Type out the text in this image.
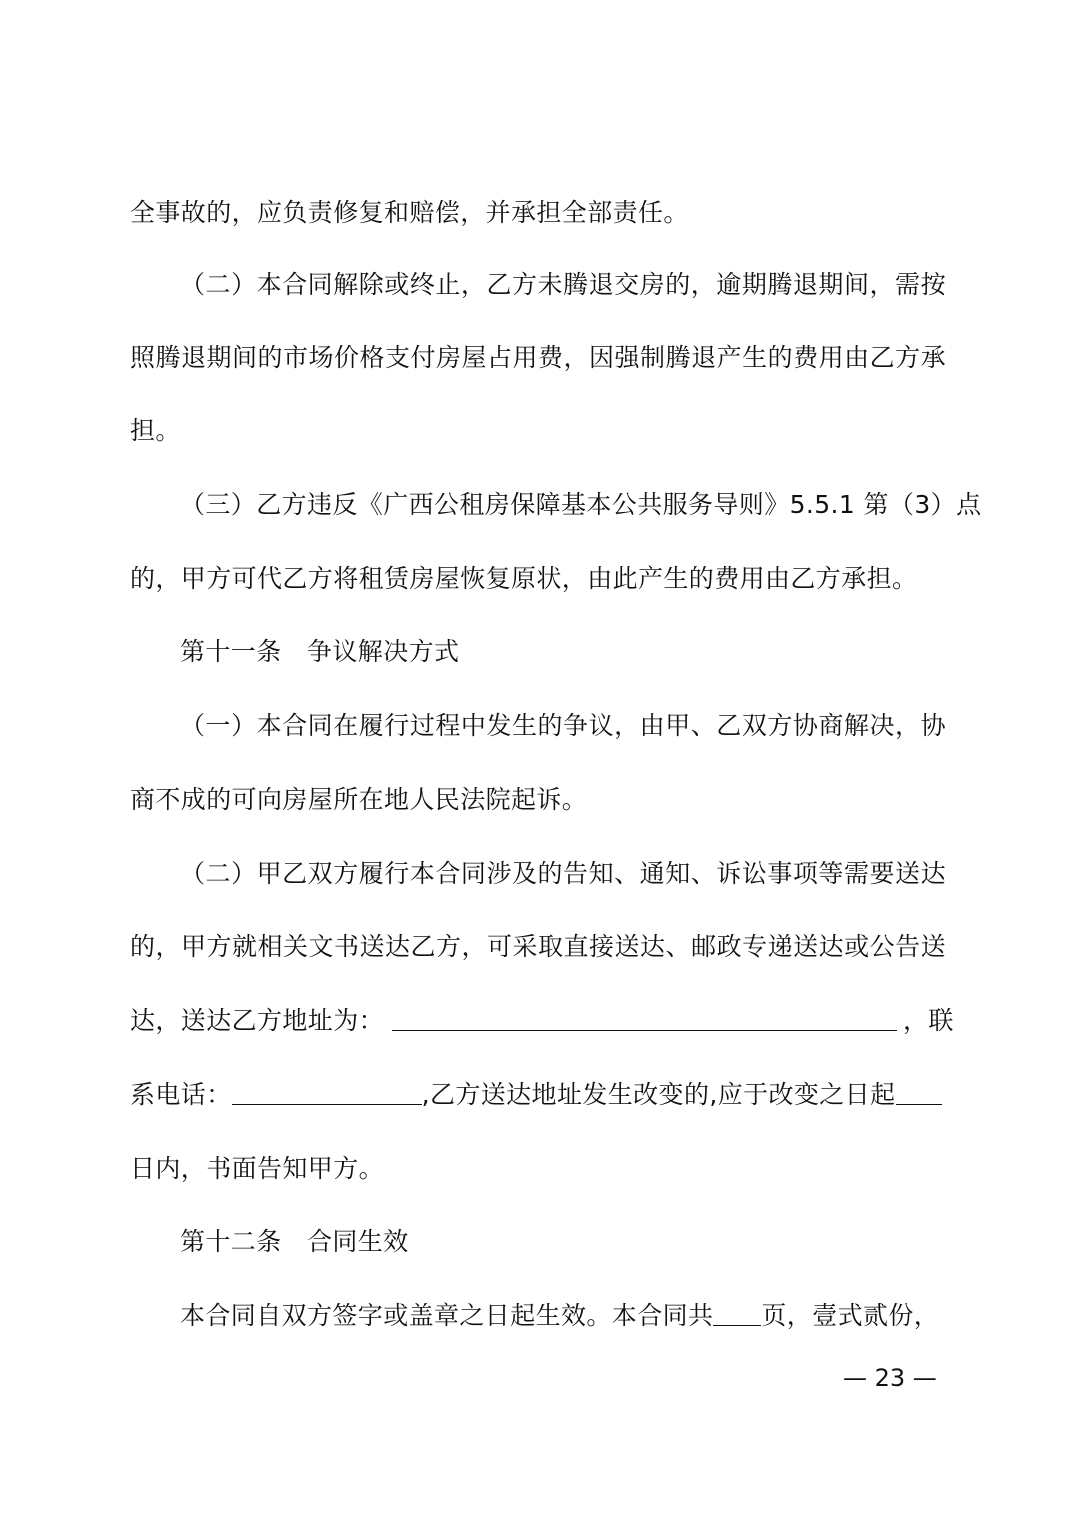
全事故的，应负责修复和赔偿，并承担全部责任。
（二）本合同解除或终止，乙方未腾退交房的，逾期腾退期间，需按
照腾退期间的市场价格支付房屋占用费，因强制腾退产生的费用由乙方承
担。
（三）乙方违反《广西公租房保障基本公共服务导则》5.5.1 第（3）点
的，甲方可代乙方将租赁房屋恢复原状，由此产生的费用由乙方承担。
第十一条　争议解决方式
（一）本合同在履行过程中发生的争议，由甲、乙双方协商解决，协
商不成的可向房屋所在地人民法院起诉。
（二）甲乙双方履行本合同涉及的告知、通知、诉讼事项等需要送达
的，甲方就相关文书送达乙方，可采取直接送达、邮政专递送达或公告送
达，送达乙方地址为：	，联
系电话：	,乙方送达地址发生改变的,应于改变之日起
日内，书面告知甲方。
第十二条　合同生效
本合同自双方签字或盖章之日起生效。本合同共 页，壹式贰份，
— 23 —
